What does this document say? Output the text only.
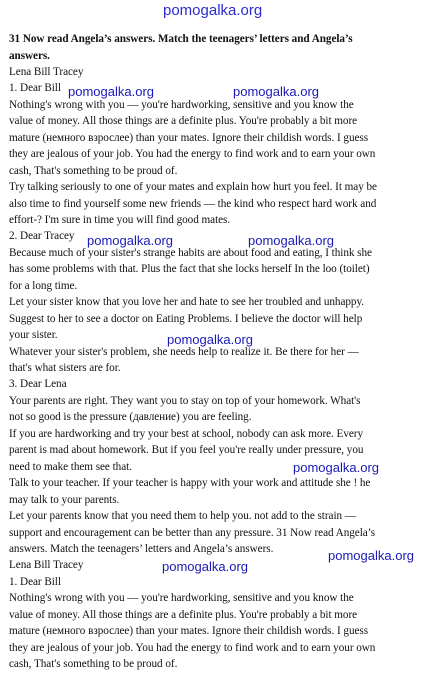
pomogalka.org
31 Now read Angela’s answers. Match the teenagers’ letters and Angela’s
answers.
Lena Bill Tracey
1. Dear Bill
Nothing's wrong with you — you're hardworking, sensitive and you know the
value of money. All those things are a definite plus. You're probably a bit more
mature (немного взрослее) than your mates. Ignore their childish words. I guess
they are jealous of your job. You had the energy to find work and to earn your own
cash, That's something to be proud of.
Try talking seriously to one of your mates and explain how hurt you feel. It may be
also time to find yourself some new friends — the kind who respect hard work and
effort-? I'm sure in time you will find good mates.
2. Dear Tracey
Because much of your sister's strange habits are about food and eating, I think she
has some problems with that. Plus the fact that she locks herself In the loo (toilet)
for a long time.
Let your sister know that you love her and hate to see her troubled and unhappy.
Suggest to her to see a doctor on Eating Problems. I believe the doctor will help
your sister.
Whatever your sister's problem, she needs help to realize it. Be there for her —
that's what sisters are for.
3. Dear Lena
Your parents are right. They want you to stay on top of your homework. What's
not so good is the pressure (давление) you are feeling.
If you are hardworking and try your best at school, nobody can ask more. Every
parent is mad about homework. But if you feel you're really under pressure, you
need to make them see that.
Talk to your teacher. If your teacher is happy with your work and attitude she ! he
may talk to your parents.
Let your parents know that you need them to help you. not add to the strain —
support and encouragement can be better than any pressure. 31 Now read Angela’s
answers. Match the teenagers’ letters and Angela’s answers.
Lena Bill Tracey
1. Dear Bill
Nothing's wrong with you — you're hardworking, sensitive and you know the
value of money. All those things are a definite plus. You're probably a bit more
mature (немного взрослее) than your mates. Ignore their childish words. I guess
they are jealous of your job. You had the energy to find work and to earn your own
cash, That's something to be proud of.
pomogalka.org	pomogalka.org
pomogalka.org	pomogalka.org
pomogalka.org
pomogalka.org
pomogalka.org
pomogalka.org
